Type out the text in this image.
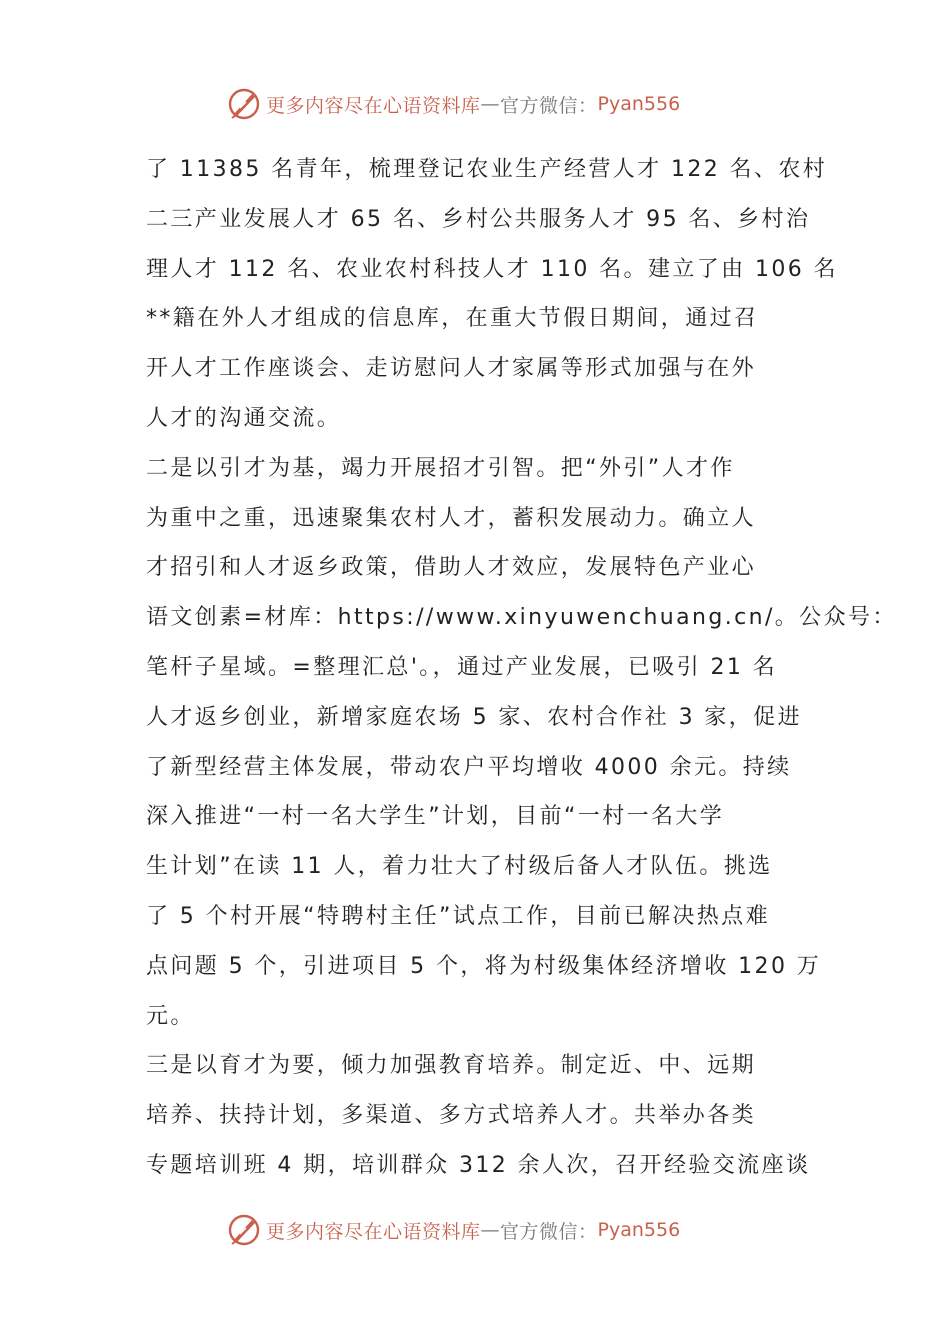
更多内容尽在心语资料库 — 官方微信： Pyan556
了 11385 名青年，梳理登记农业生产经营人才 122 名、农村
二三产业发展人才 65 名、乡村公共服务人才 95 名、乡村治
理人才 112 名、农业农村科技人才 110 名。建立了由 106 名
**籍在外人才组成的信息库，在重大节假日期间，通过召
开人才工作座谈会、走访慰问人才家属等形式加强与在外
人才的沟通交流。
二是以引才为基，竭力开展招才引智。把“外引”人才作
为重中之重，迅速聚集农村人才，蓄积发展动力。确立人
才招引和人才返乡政策，借助人才效应，发展特色产业心
语文创素=材库：https://www.xinyuwenchuang.cn/。公众号：
笔杆子星域。=整理汇总'。，通过产业发展，已吸引 21 名
人才返乡创业，新增家庭农场 5 家、农村合作社 3 家，促进
了新型经营主体发展，带动农户平均增收 4000 余元。持续
深入推进“一村一名大学生”计划，目前“一村一名大学
生计划”在读 11 人，着力壮大了村级后备人才队伍。挑选
了 5 个村开展“特聘村主任”试点工作，目前已解决热点难
点问题 5 个，引进项目 5 个，将为村级集体经济增收 120 万
元。
三是以育才为要，倾力加强教育培养。制定近、中、远期
培养、扶持计划，多渠道、多方式培养人才。共举办各类
专题培训班 4 期，培训群众 312 余人次，召开经验交流座谈
更多内容尽在心语资料库 — 官方微信： Pyan556
